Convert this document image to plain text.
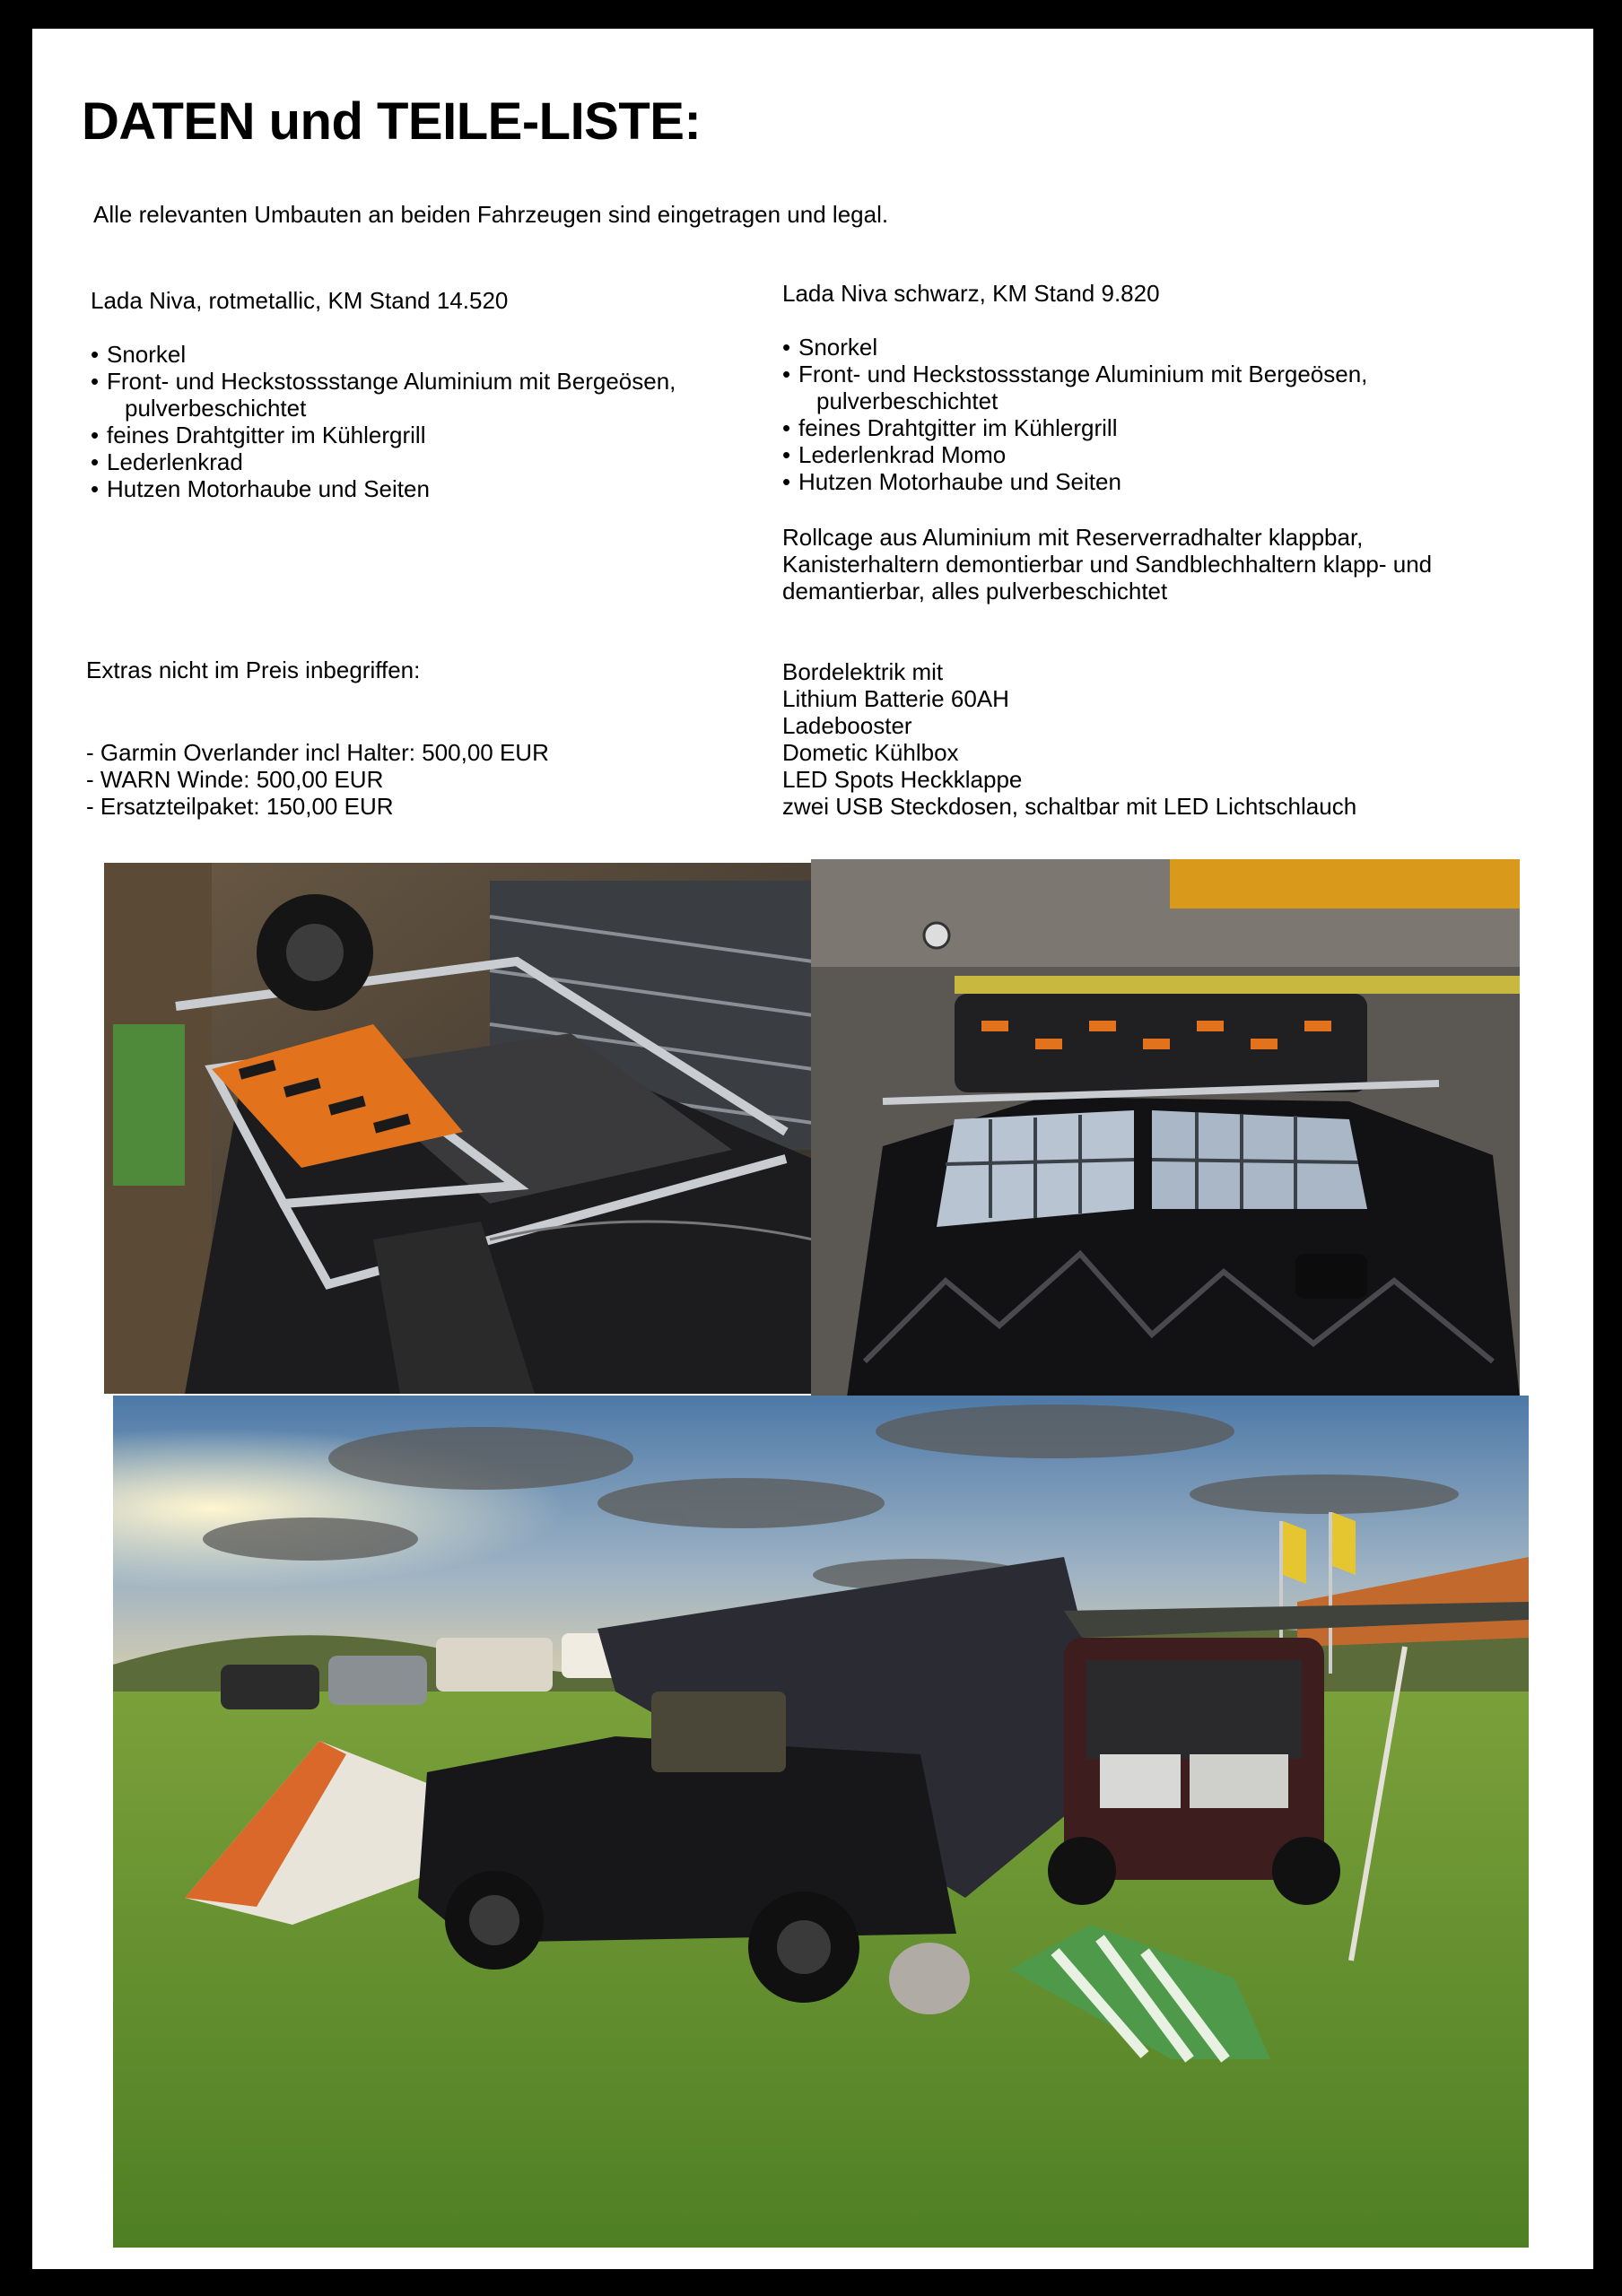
DATEN und TEILE-LISTE:
Alle relevanten Umbauten an beiden Fahrzeugen sind eingetragen und legal.
Lada Niva, rotmetallic, KM Stand 14.520
• Snorkel
• Front- und Heckstossstange Aluminium mit Bergeösen,
pulverbeschichtet
• feines Drahtgitter im Kühlergrill
• Lederlenkrad
• Hutzen Motorhaube und Seiten
Extras nicht im Preis inbegriffen:
- Garmin Overlander incl Halter: 500,00 EUR
- WARN Winde: 500,00 EUR
- Ersatzteilpaket: 150,00 EUR
Lada Niva schwarz, KM Stand 9.820
• Snorkel
• Front- und Heckstossstange Aluminium mit Bergeösen,
pulverbeschichtet
• feines Drahtgitter im Kühlergrill
• Lederlenkrad Momo
• Hutzen Motorhaube und Seiten
Rollcage aus Aluminium mit Reserverradhalter klappbar,
Kanisterhaltern demontierbar und Sandblechhaltern klapp- und
demantierbar, alles pulverbeschichtet
Bordelektrik mit
Lithium Batterie 60AH
Ladebooster
Dometic Kühlbox
LED Spots Heckklappe
zwei USB Steckdosen, schaltbar mit LED Lichtschlauch
